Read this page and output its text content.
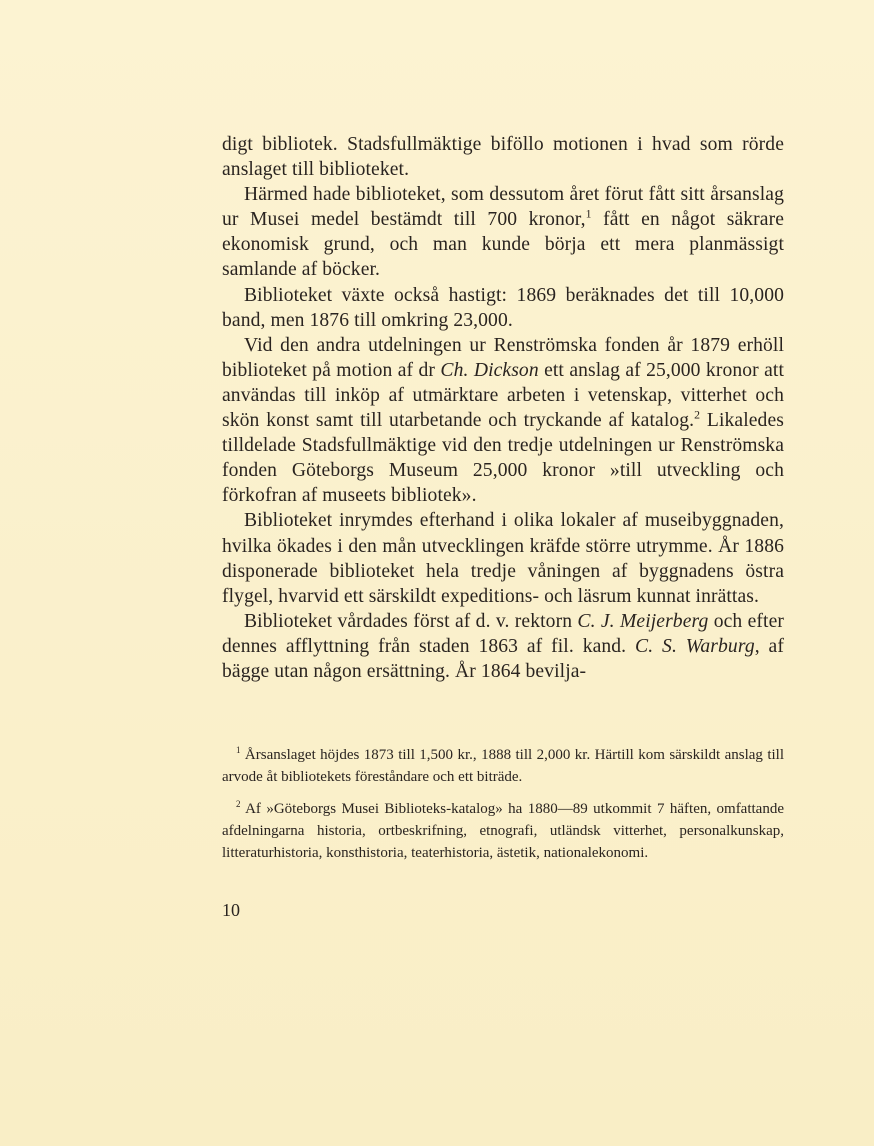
digt bibliotek. Stadsfullmäktige biföllo motionen i hvad som rörde anslaget till biblioteket.

Härmed hade biblioteket, som dessutom året förut fått sitt årsanslag ur Musei medel bestämdt till 700 kronor,$^1$ fått en något säkrare ekonomisk grund, och man kunde börja ett mera planmässigt samlande af böcker.

Biblioteket växte också hastigt: 1869 beräknades det till 10,000 band, men 1876 till omkring 23,000.

Vid den andra utdelningen ur Renströmska fonden år 1879 erhöll biblioteket på motion af dr Ch. Dickson ett anslag af 25,000 kronor att användas till inköp af utmärktare arbeten i vetenskap, vitterhet och skön konst samt till utarbetande och tryckande af katalog.$^2$ Likaledes tilldelade Stadsfullmäktige vid den tredje utdelningen ur Renströmska fonden Göteborgs Museum 25,000 kronor »till utveckling och förkofran af museets bibliotek».

Biblioteket inrymdes efterhand i olika lokaler af museibyggnaden, hvilka ökades i den mån utvecklingen kräfde större utrymme. År 1886 disponerade biblioteket hela tredje våningen af byggnadens östra flygel, hvarvid ett särskildt expeditions- och läsrum kunnat inrättas.

Biblioteket vårdades först af d. v. rektorn C. J. Meijerberg och efter dennes afflyttning från staden 1863 af fil. kand. C. S. Warburg, af bägge utan någon ersättning. År 1864 bevilja-

$^1$ Årsanslaget höjdes 1873 till 1,500 kr., 1888 till 2,000 kr. Härtill kom särskildt anslag till arvode åt bibliotekets föreståndare och ett biträde.

$^2$ Af »Göteborgs Musei Biblioteks-katalog» ha 1880—89 utkommit 7 häften, omfattande afdelningarna historia, ortbeskrifning, etnografi, utländsk vitterhet, personalkunskap, litteraturhistoria, konsthistoria, teaterhistoria, ästetik, nationalekonomi.

10
